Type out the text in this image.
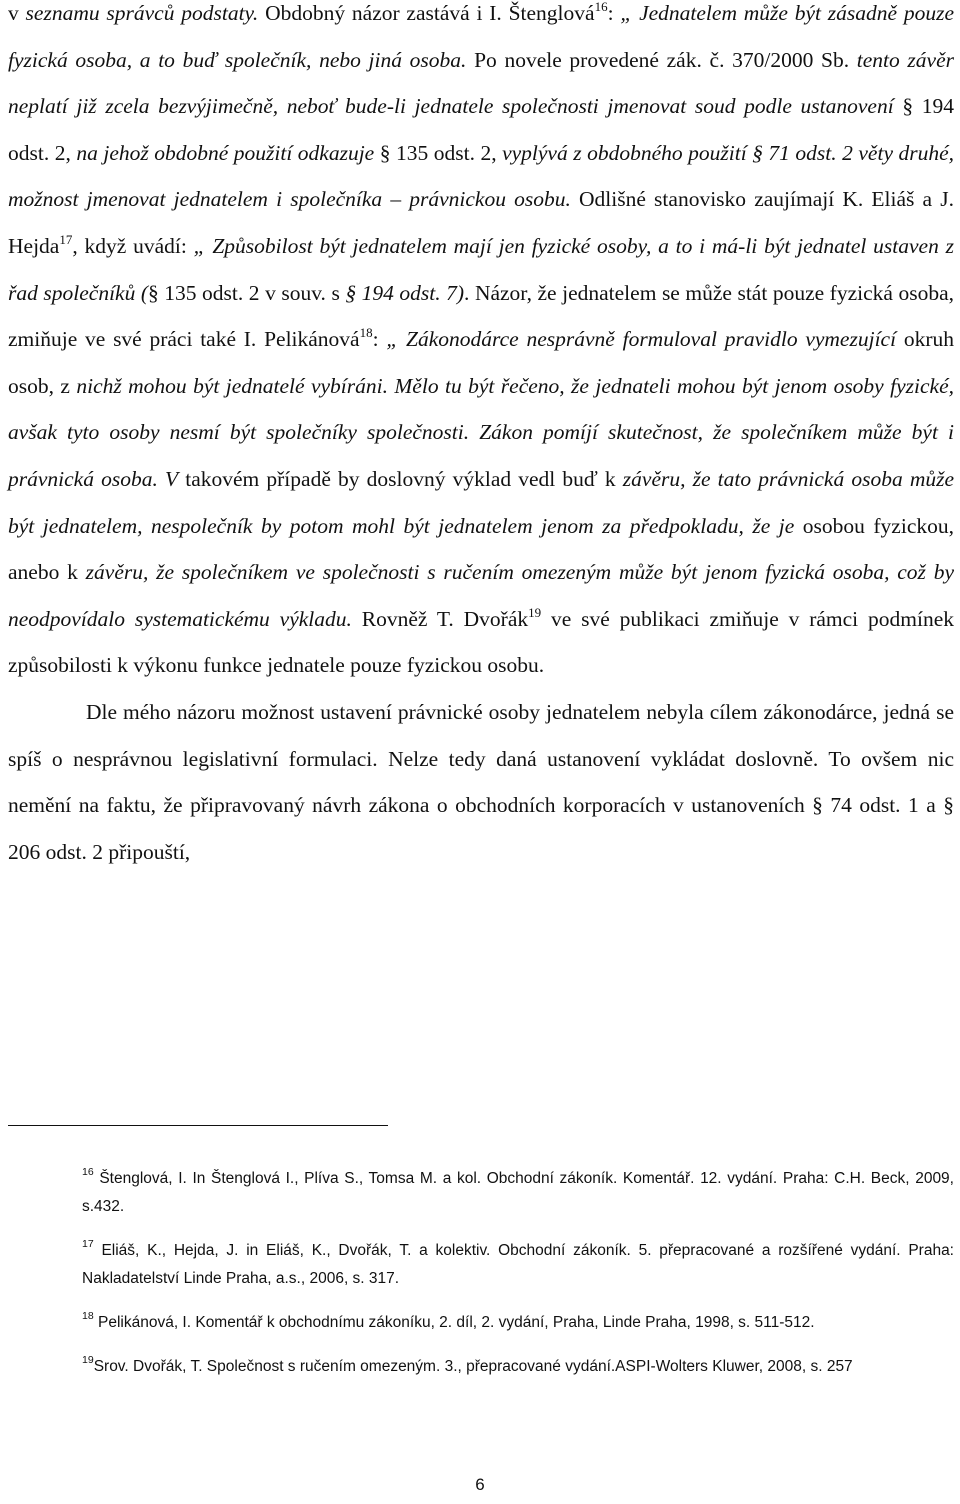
v seznamu správců podstaty. Obdobný názor zastává i I. Štenglová$^{16}$: „ Jednatelem může být zásadně pouze fyzická osoba, a to buď společník, nebo jiná osoba. Po novele provedené zák. č. 370/2000 Sb. tento závěr neplatí již zcela bezvýjimečně, neboť bude-li jednatele společnosti jmenovat soud podle ustanovení § 194 odst. 2, na jehož obdobné použití odkazuje § 135 odst. 2, vyplývá z obdobného použití § 71 odst. 2 věty druhé, možnost jmenovat jednatelem i společníka – právnickou osobu. Odlišné stanovisko zaujímají K. Eliáš a J. Hejda$^{17}$, když uvádí: „ Způsobilost být jednatelem mají jen fyzické osoby, a to i má-li být jednatel ustaven z řad společníků (§ 135 odst. 2 v souv. s § 194 odst. 7). Názor, že jednatelem se může stát pouze fyzická osoba, zmiňuje ve své práci také I. Pelikánová$^{18}$: „ Zákonodárce nesprávně formuloval pravidlo vymezující okruh osob, z nichž mohou být jednatelé vybíráni. Mělo tu být řečeno, že jednateli mohou být jenom osoby fyzické, avšak tyto osoby nesmí být společníky společnosti. Zákon pomíjí skutečnost, že společníkem může být i právnická osoba. V takovém případě by doslovný výklad vedl buď k závěru, že tato právnická osoba může být jednatelem, nespolečník by potom mohl být jednatelem jenom za předpokladu, že je osobou fyzickou, anebo k závěru, že společníkem ve společnosti s ručením omezeným může být jenom fyzická osoba, což by neodpovídalo systematickému výkladu. Rovněž T. Dvořák$^{19}$ ve své publikaci zmiňuje v rámci podmínek způsobilosti k výkonu funkce jednatele pouze fyzickou osobu.

Dle mého názoru možnost ustavení právnické osoby jednatelem nebyla cílem zákonodárce, jedná se spíš o nesprávnou legislativní formulaci. Nelze tedy daná ustanovení vykládat doslovně. To ovšem nic nemění na faktu, že připravovaný návrh zákona o obchodních korporacích v ustanoveních § 74 odst. 1 a § 206 odst. 2 připouští,

$^{16}$ Štenglová, I. In Štenglová I., Plíva S., Tomsa M. a kol. Obchodní zákoník. Komentář. 12. vydání. Praha: C.H. Beck, 2009, s.432.

$^{17}$ Eliáš, K., Hejda, J. in Eliáš, K., Dvořák, T. a kolektiv. Obchodní zákoník. 5. přepracované a rozšířené vydání. Praha: Nakladatelství Linde Praha, a.s., 2006, s. 317.

$^{18}$ Pelikánová, I. Komentář k obchodnímu zákoníku, 2. díl, 2. vydání, Praha, Linde Praha, 1998, s. 511-512.

$^{19}$Srov. Dvořák, T. Společnost s ručením omezeným. 3., přepracované vydání.ASPI-Wolters Kluwer, 2008, s. 257

6
